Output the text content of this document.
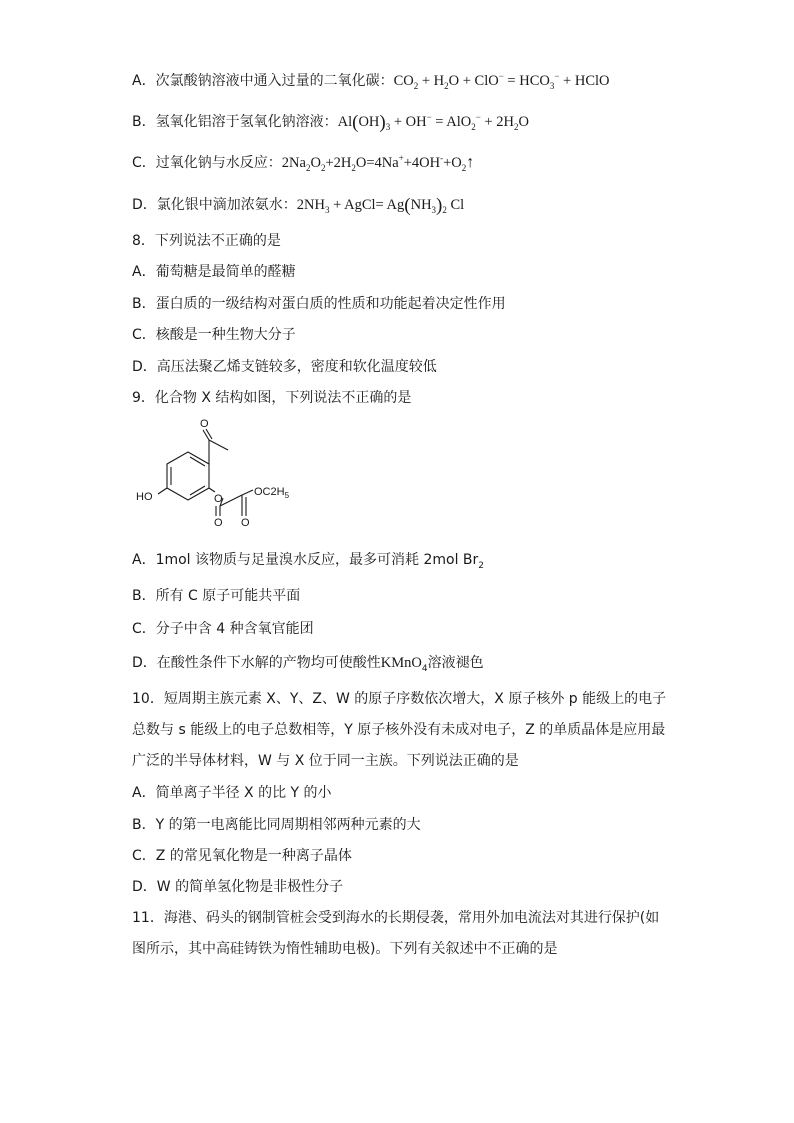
A．次氯酸钠溶液中通入过量的二氧化碳：$CO_2 + H_2O + ClO^- = HCO_3^-$ + HClO
B．氢氧化铝溶于氢氧化钠溶液：$Al(OH)_3 + OH^- = AlO_2^- + 2H_2O$
C．过氧化钠与水反应：$2Na_2O_2+2H_2O=4Na^++4OH^-+O_2↑$
D．氯化银中滴加浓氨水：$2NH_3$ + AgCl= $Ag(NH_3)_2$ Cl
8．下列说法不正确的是
A．葡萄糖是最简单的醛糖
B．蛋白质的一级结构对蛋白质的性质和功能起着决定性作用
C．核酸是一种生物大分子
D．高压法聚乙烯支链较多，密度和软化温度较低
9．化合物 X 结构如图，下列说法不正确的是
O
O
O O
HO	$OC2H_5$
A．1mol 该物质与足量溴水反应，最多可消耗 2mol $Br_2$
B．所有 C 原子可能共平面
C．分子中含 4 种含氧官能团
D．在酸性条件下水解的产物均可使酸性KMnO$_4$溶液褪色
10．短周期主族元素 X、Y、Z、W 的原子序数依次增大，X 原子核外 p 能级上的电子
总数与 s 能级上的电子总数相等，Y 原子核外没有未成对电子，Z 的单质晶体是应用最
广泛的半导体材料，W 与 X 位于同一主族。下列说法正确的是
A．简单离子半径 X 的比 Y 的小
B．Y 的第一电离能比同周期相邻两种元素的大
C．Z 的常见氧化物是一种离子晶体
D．W 的简单氢化物是非极性分子
11．海港、码头的钢制管桩会受到海水的长期侵袭，常用外加电流法对其进行保护(如
图所示，其中高硅铸铁为惰性辅助电极)。下列有关叙述中不正确的是
